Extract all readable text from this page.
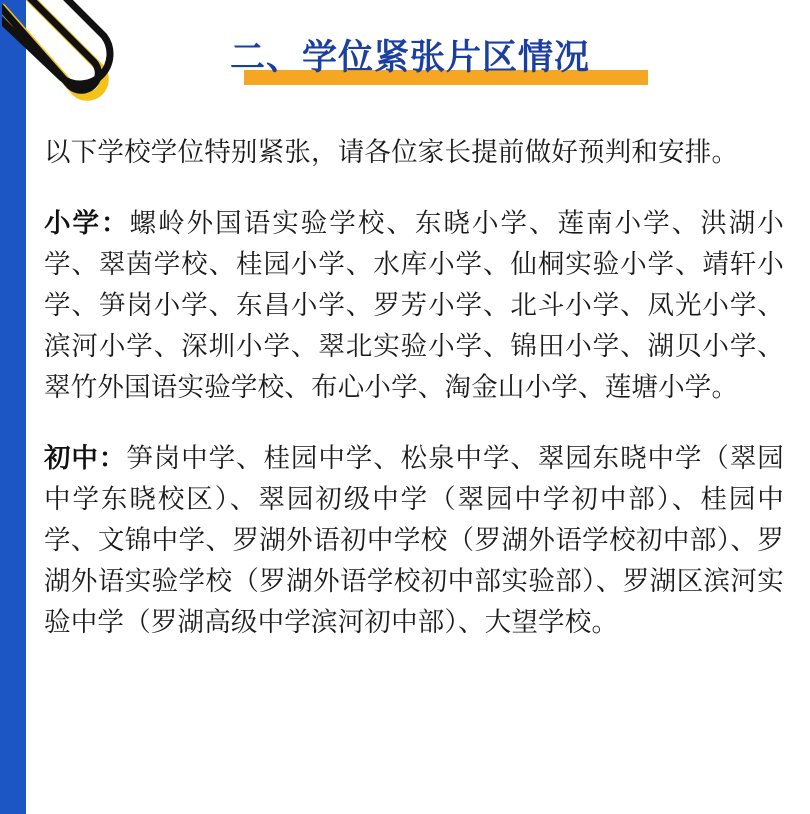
二、学位紧张片区情况

以下学校学位特别紧张，请各位家长提前做好预判和安排。

小学：螺岭外国语实验学校、东晓小学、莲南小学、洪湖小学、翠茵学校、桂园小学、水库小学、仙桐实验小学、靖轩小学、笋岗小学、东昌小学、罗芳小学、北斗小学、凤光小学、滨河小学、深圳小学、翠北实验小学、锦田小学、湖贝小学、翠竹外国语实验学校、布心小学、淘金山小学、莲塘小学。

初中：笋岗中学、桂园中学、松泉中学、翠园东晓中学（翠园中学东晓校区）、翠园初级中学（翠园中学初中部）、桂园中学、文锦中学、罗湖外语初中学校（罗湖外语学校初中部）、罗湖外语实验学校（罗湖外语学校初中部实验部）、罗湖区滨河实验中学（罗湖高级中学滨河初中部）、大望学校。
